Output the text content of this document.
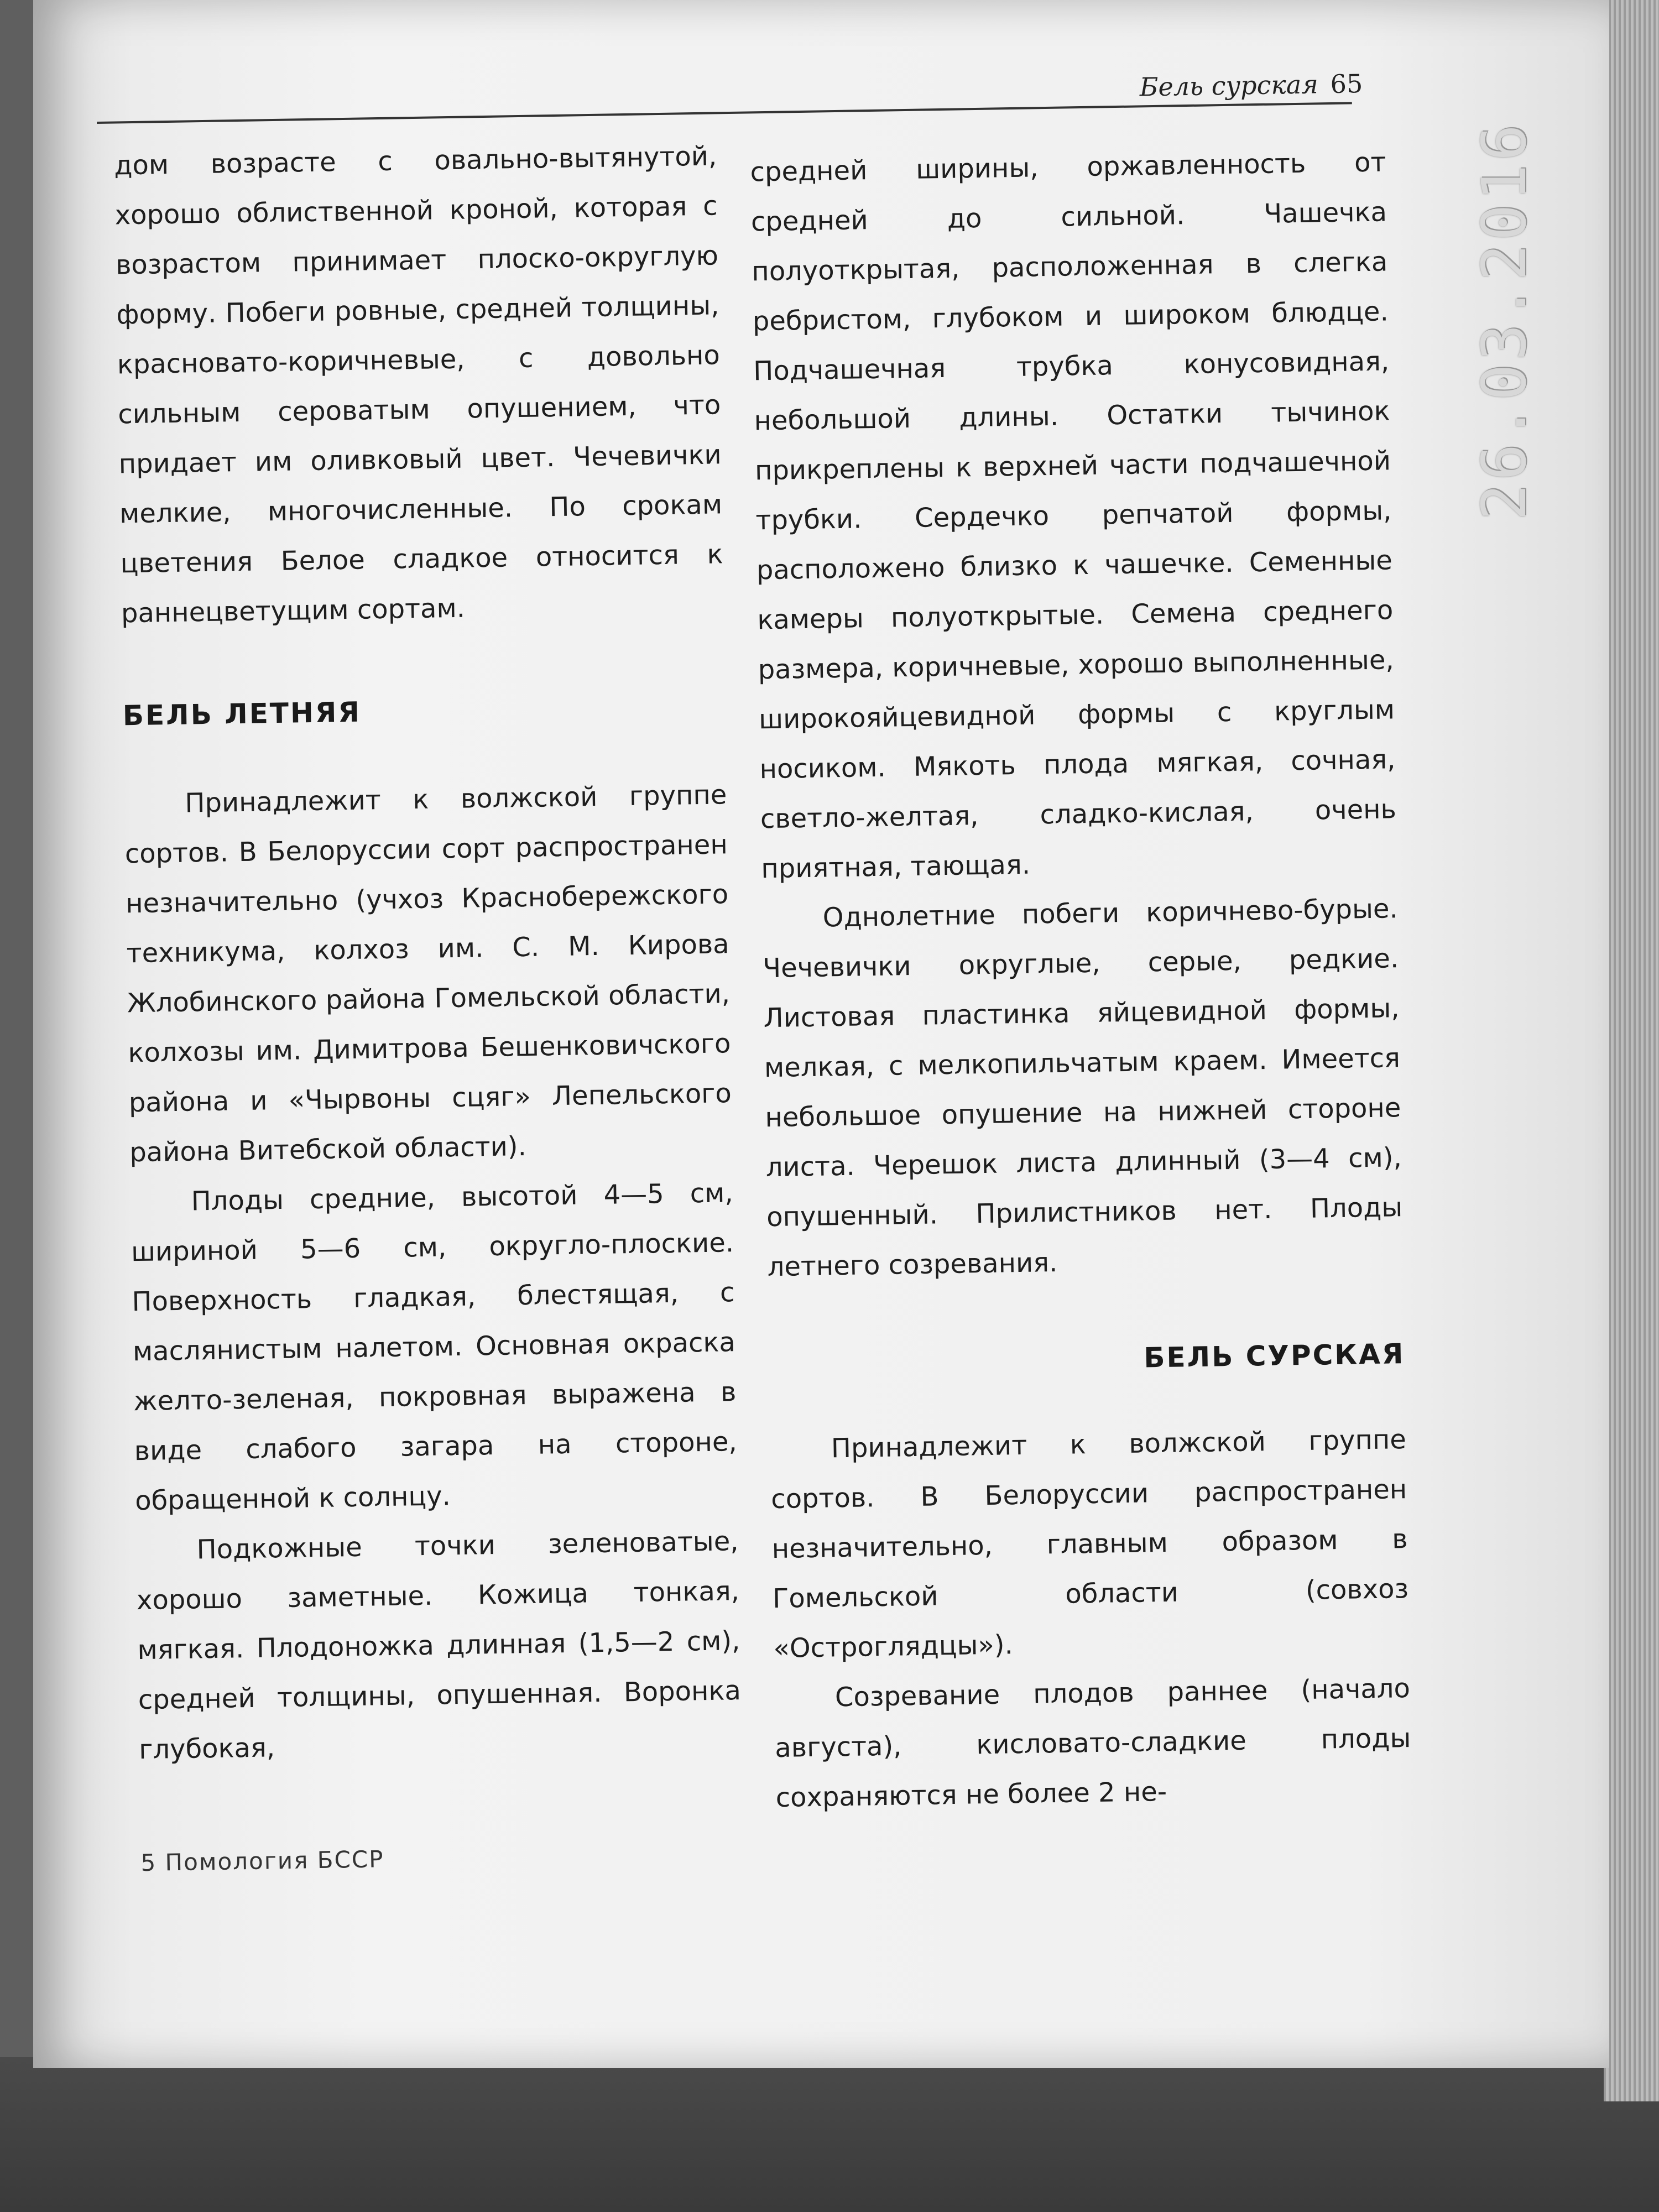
Бель сурская 65

дом возрасте с овально-вытянутой, хорошо облиственной кроной, которая с возрастом принимает плоско-округлую форму. Побеги ровные, средней толщины, красновато-коричневые, с довольно сильным сероватым опушением, что придает им оливковый цвет. Чечевички мелкие, многочисленные. По срокам цветения Белое сладкое относится к раннецветущим сортам.

БЕЛЬ ЛЕТНЯЯ

Принадлежит к волжской группе сортов. В Белоруссии сорт распространен незначительно (учхоз Краснобережского техникума, колхоз им. С. М. Кирова Жлобинского района Гомельской области, колхозы им. Димитрова Бешенковичского района и «Чырвоны сцяг» Лепельского района Витебской области).

Плоды средние, высотой 4—5 см, шириной 5—6 см, округло-плоские. Поверхность гладкая, блестящая, с маслянистым налетом. Основная окраска желто-зеленая, покровная выражена в виде слабого загара на стороне, обращенной к солнцу.

Подкожные точки зеленоватые, хорошо заметные. Кожица тонкая, мягкая. Плодоножка длинная (1,5—2 см), средней толщины, опушенная. Воронка глубокая,

средней ширины, оржавленность от средней до сильной. Чашечка полуоткрытая, расположенная в слегка ребристом, глубоком и широком блюдце. Подчашечная трубка конусовидная, небольшой длины. Остатки тычинок прикреплены к верхней части подчашечной трубки. Сердечко репчатой формы, расположено близко к чашечке. Семенные камеры полуоткрытые. Семена среднего размера, коричневые, хорошо выполненные, широкояйцевидной формы с круглым носиком. Мякоть плода мягкая, сочная, светло-желтая, сладко-кислая, очень приятная, тающая.

Однолетние побеги коричнево-бурые. Чечевички округлые, серые, редкие. Листовая пластинка яйцевидной формы, мелкая, с мелкопильчатым краем. Имеется небольшое опушение на нижней стороне листа. Черешок листа длинный (3—4 см), опушенный. Прилистников нет. Плоды летнего созревания.

БЕЛЬ СУРСКАЯ

Принадлежит к волжской группе сортов. В Белоруссии распространен незначительно, главным образом в Гомельской области (совхоз «Остроглядцы»).

Созревание плодов раннее (начало августа), кисловато-сладкие плоды сохраняются не более 2 не-

5 Помология БССР
26.03.2016
